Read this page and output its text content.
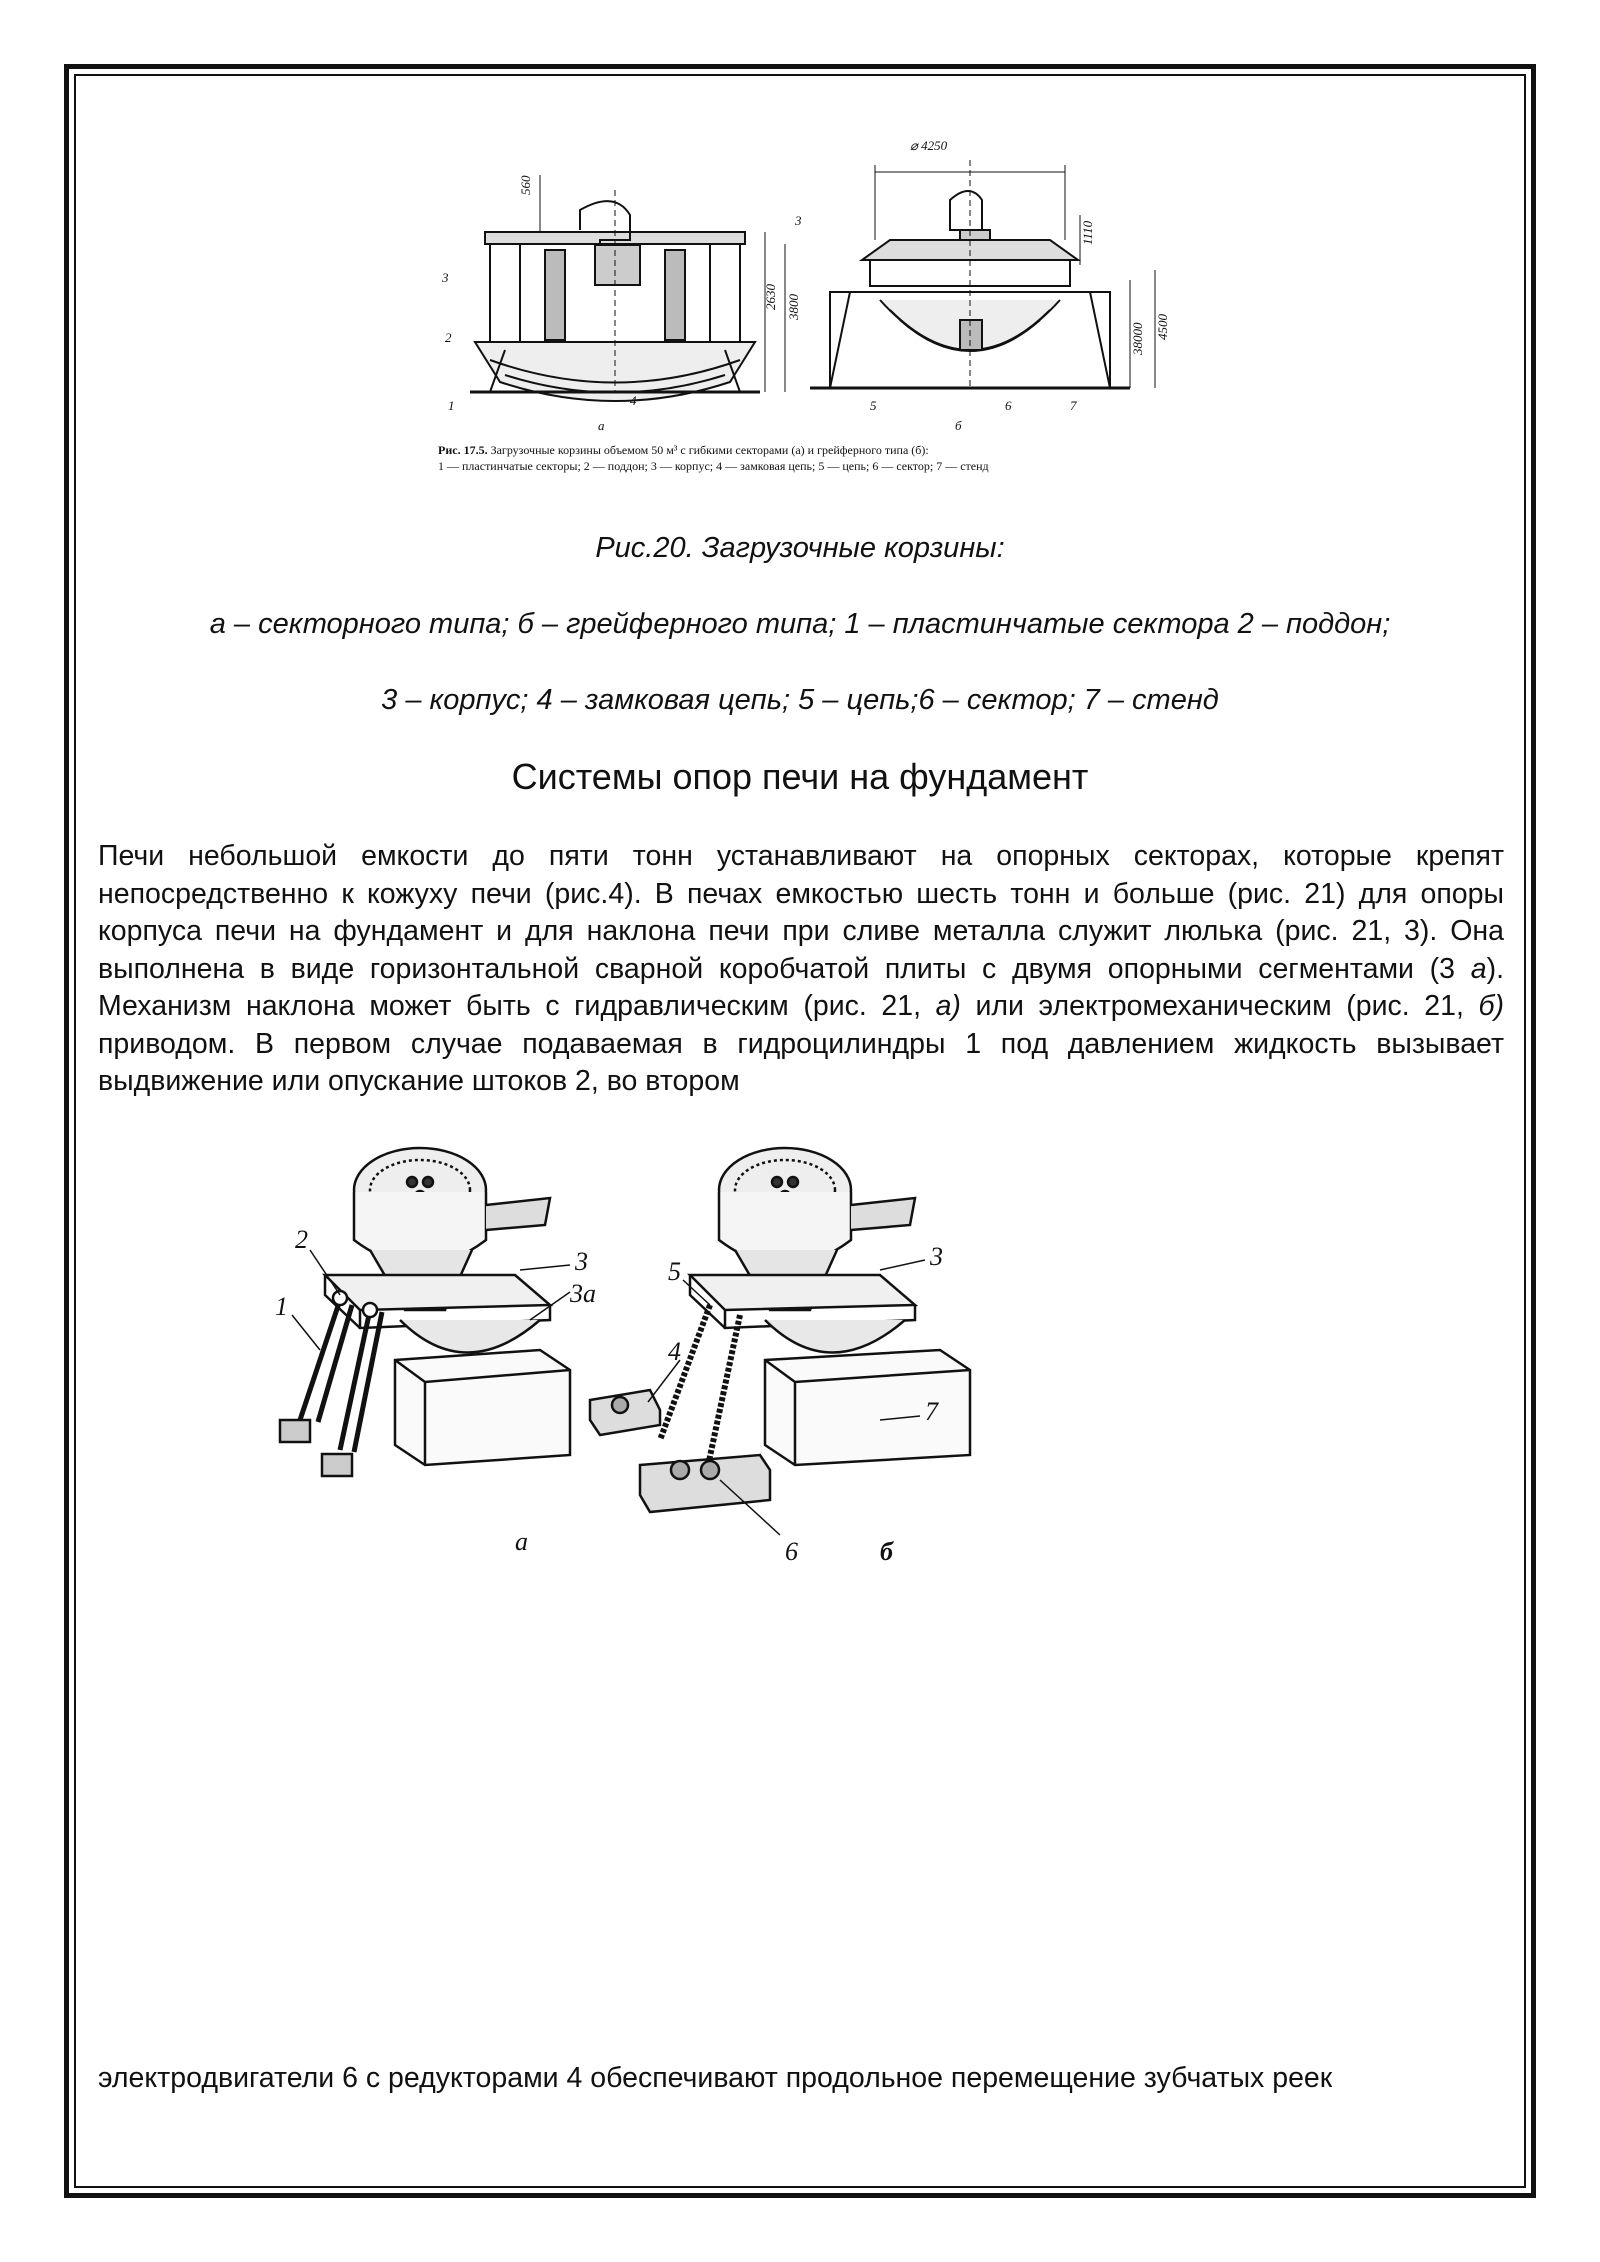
⌀ 4250
560
2630 3800
1110
38000 4500
3
2
1	4
3
5	6	7
а	б
Рис. 17.5. Загрузочные корзины объемом 50 м³ с гибкими секторами (а) и грейферного типа (б):
1 — пластинчатые секторы; 2 — поддон; 3 — корпус; 4 — замковая цепь; 5 — цепь; 6 — сектор; 7 — стенд
Рис.20. Загрузочные корзины:
а – секторного типа; б – грейферного типа; 1 – пластинчатые сектора 2 – поддон;
3 – корпус; 4 – замковая цепь; 5 – цепь;6 – сектор; 7 – стенд
Системы опор печи на фундамент
Печи небольшой емкости до пяти тонн устанавливают на опорных секторах, которые крепят непосредственно к кожуху печи (рис.4). В печах емкостью шесть тонн и больше (рис. 21) для опоры корпуса печи на фундамент и для наклона печи при сливе металла служит люлька (рис. 21, 3). Она выполнена в виде горизонтальной сварной коробчатой плиты с двумя опорными сегментами (3 а). Механизм наклона может быть с гидравлическим (рис. 21, а) или электромеханическим (рис. 21, б) приводом. В первом случае подаваемая в гидроцилиндры 1 под давлением жидкость вызывает выдвижение или опускание штоков 2, во втором
2
1
3
3а
3
5
4
7
6
а	б
электродвигатели 6 с редукторами 4 обеспечивают продольное перемещение зубчатых реек
